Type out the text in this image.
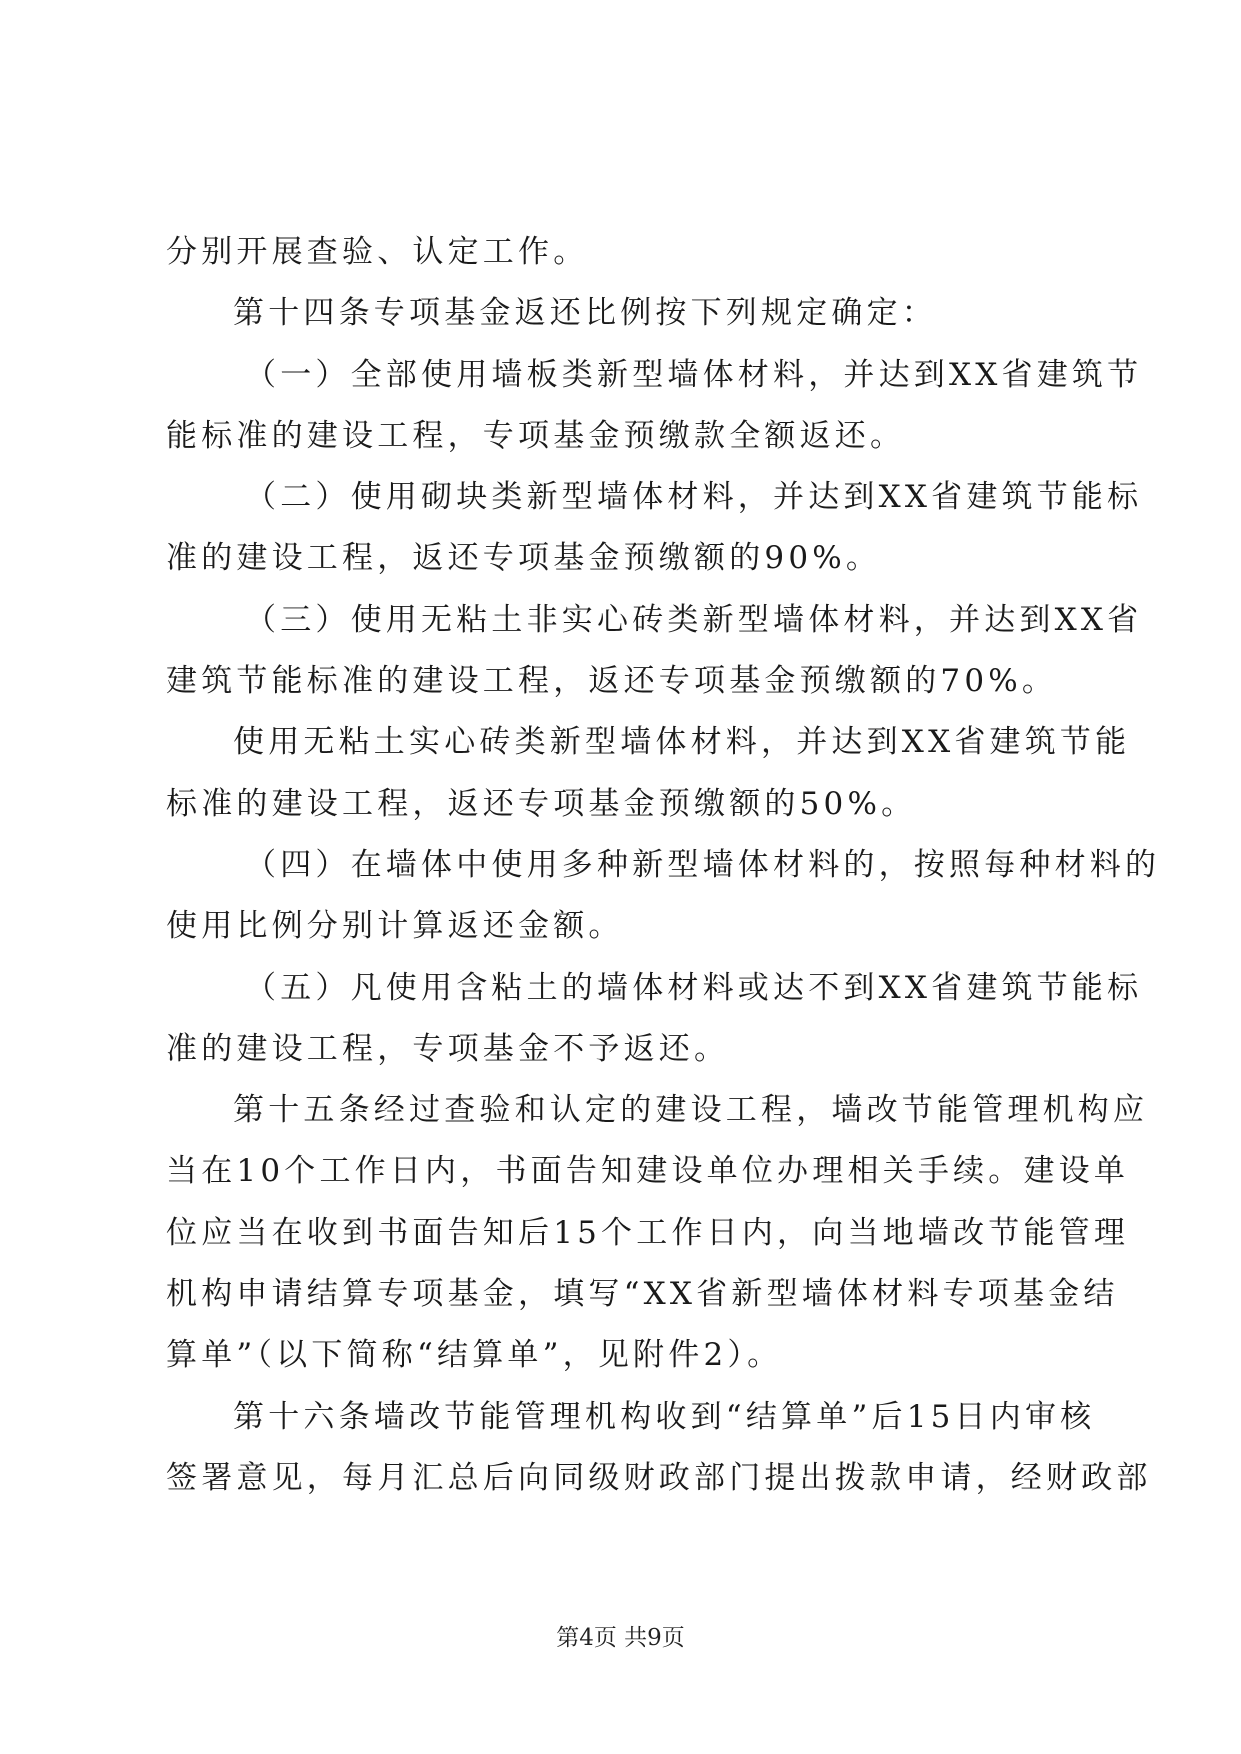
分别开展查验、认定工作。
第十四条专项基金返还比例按下列规定确定：
（一）全部使用墙板类新型墙体材料，并达到XX省建筑节
能标准的建设工程，专项基金预缴款全额返还。
（二）使用砌块类新型墙体材料，并达到XX省建筑节能标
准的建设工程，返还专项基金预缴额的90%。
（三）使用无粘土非实心砖类新型墙体材料，并达到XX省
建筑节能标准的建设工程，返还专项基金预缴额的70%。
使用无粘土实心砖类新型墙体材料，并达到XX省建筑节能
标准的建设工程，返还专项基金预缴额的50%。
（四）在墙体中使用多种新型墙体材料的，按照每种材料的
使用比例分别计算返还金额。
（五）凡使用含粘土的墙体材料或达不到XX省建筑节能标
准的建设工程，专项基金不予返还。
第十五条经过查验和认定的建设工程，墙改节能管理机构应
当在10个工作日内，书面告知建设单位办理相关手续。建设单
位应当在收到书面告知后15个工作日内，向当地墙改节能管理
机构申请结算专项基金，填写“XX省新型墙体材料专项基金结
算单”（以下简称“结算单”，见附件2）。
第十六条墙改节能管理机构收到“结算单”后15日内审核
签署意见，每月汇总后向同级财政部门提出拨款申请，经财政部
第4页 共9页
